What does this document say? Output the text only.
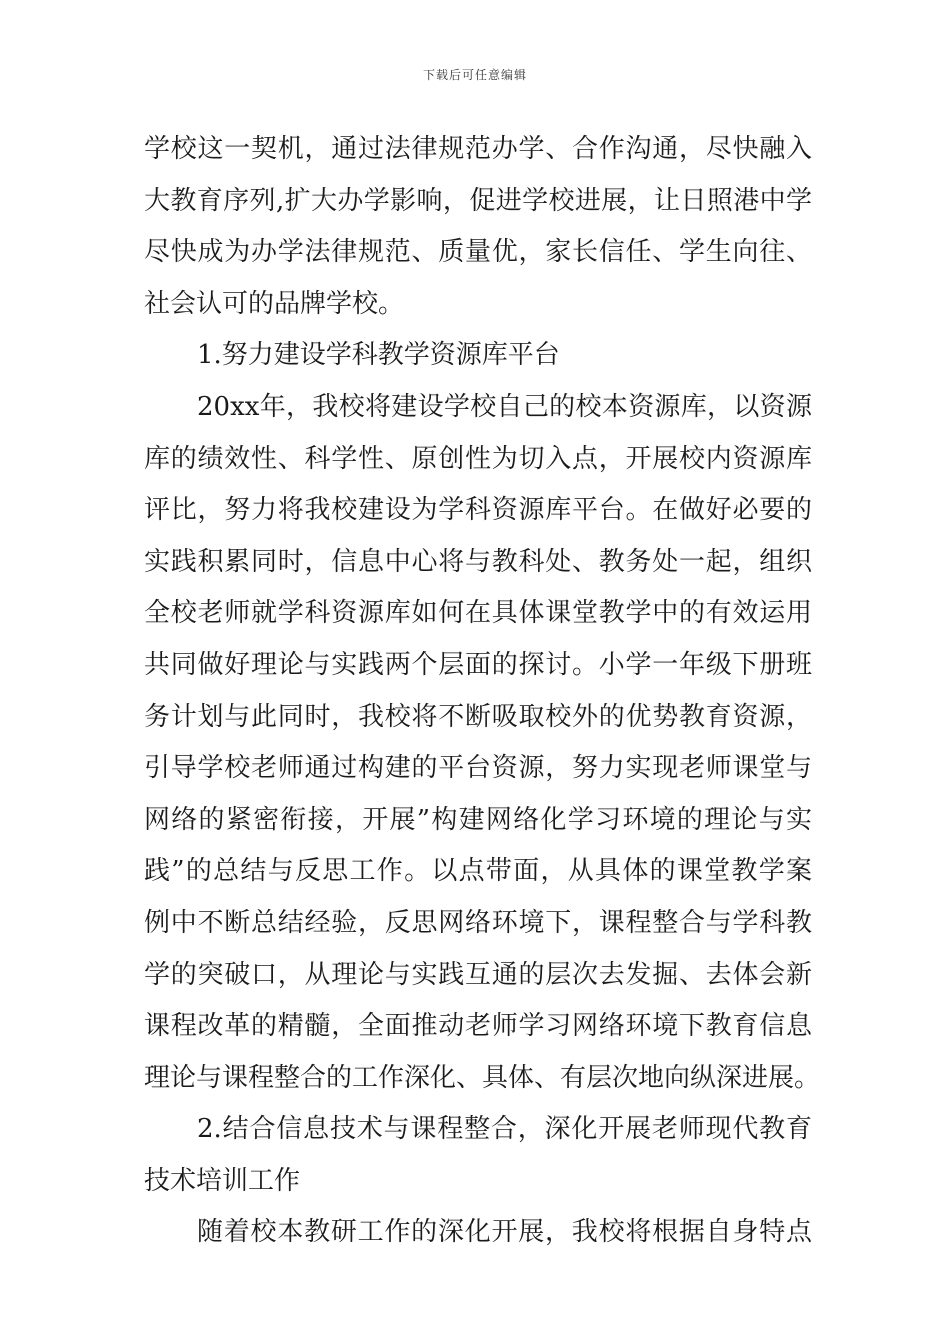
下载后可任意编辑
学校这一契机，通过法律规范办学、合作沟通，尽快融入
大教育序列,扩大办学影响，促进学校进展，让日照港中学
尽快成为办学法律规范、质量优，家长信任、学生向往、
社会认可的品牌学校。
1.努力建设学科教学资源库平台
20xx年，我校将建设学校自己的校本资源库，以资源
库的绩效性、科学性、原创性为切入点，开展校内资源库
评比，努力将我校建设为学科资源库平台。在做好必要的
实践积累同时，信息中心将与教科处、教务处一起，组织
全校老师就学科资源库如何在具体课堂教学中的有效运用
共同做好理论与实践两个层面的探讨。小学一年级下册班
务计划与此同时，我校将不断吸取校外的优势教育资源，
引导学校老师通过构建的平台资源，努力实现老师课堂与
网络的紧密衔接，开展”构建网络化学习环境的理论与实
践”的总结与反思工作。以点带面，从具体的课堂教学案
例中不断总结经验，反思网络环境下，课程整合与学科教
学的突破口，从理论与实践互通的层次去发掘、去体会新
课程改革的精髓，全面推动老师学习网络环境下教育信息
理论与课程整合的工作深化、具体、有层次地向纵深进展。
2.结合信息技术与课程整合，深化开展老师现代教育
技术培训工作
随着校本教研工作的深化开展，我校将根据自身特点
